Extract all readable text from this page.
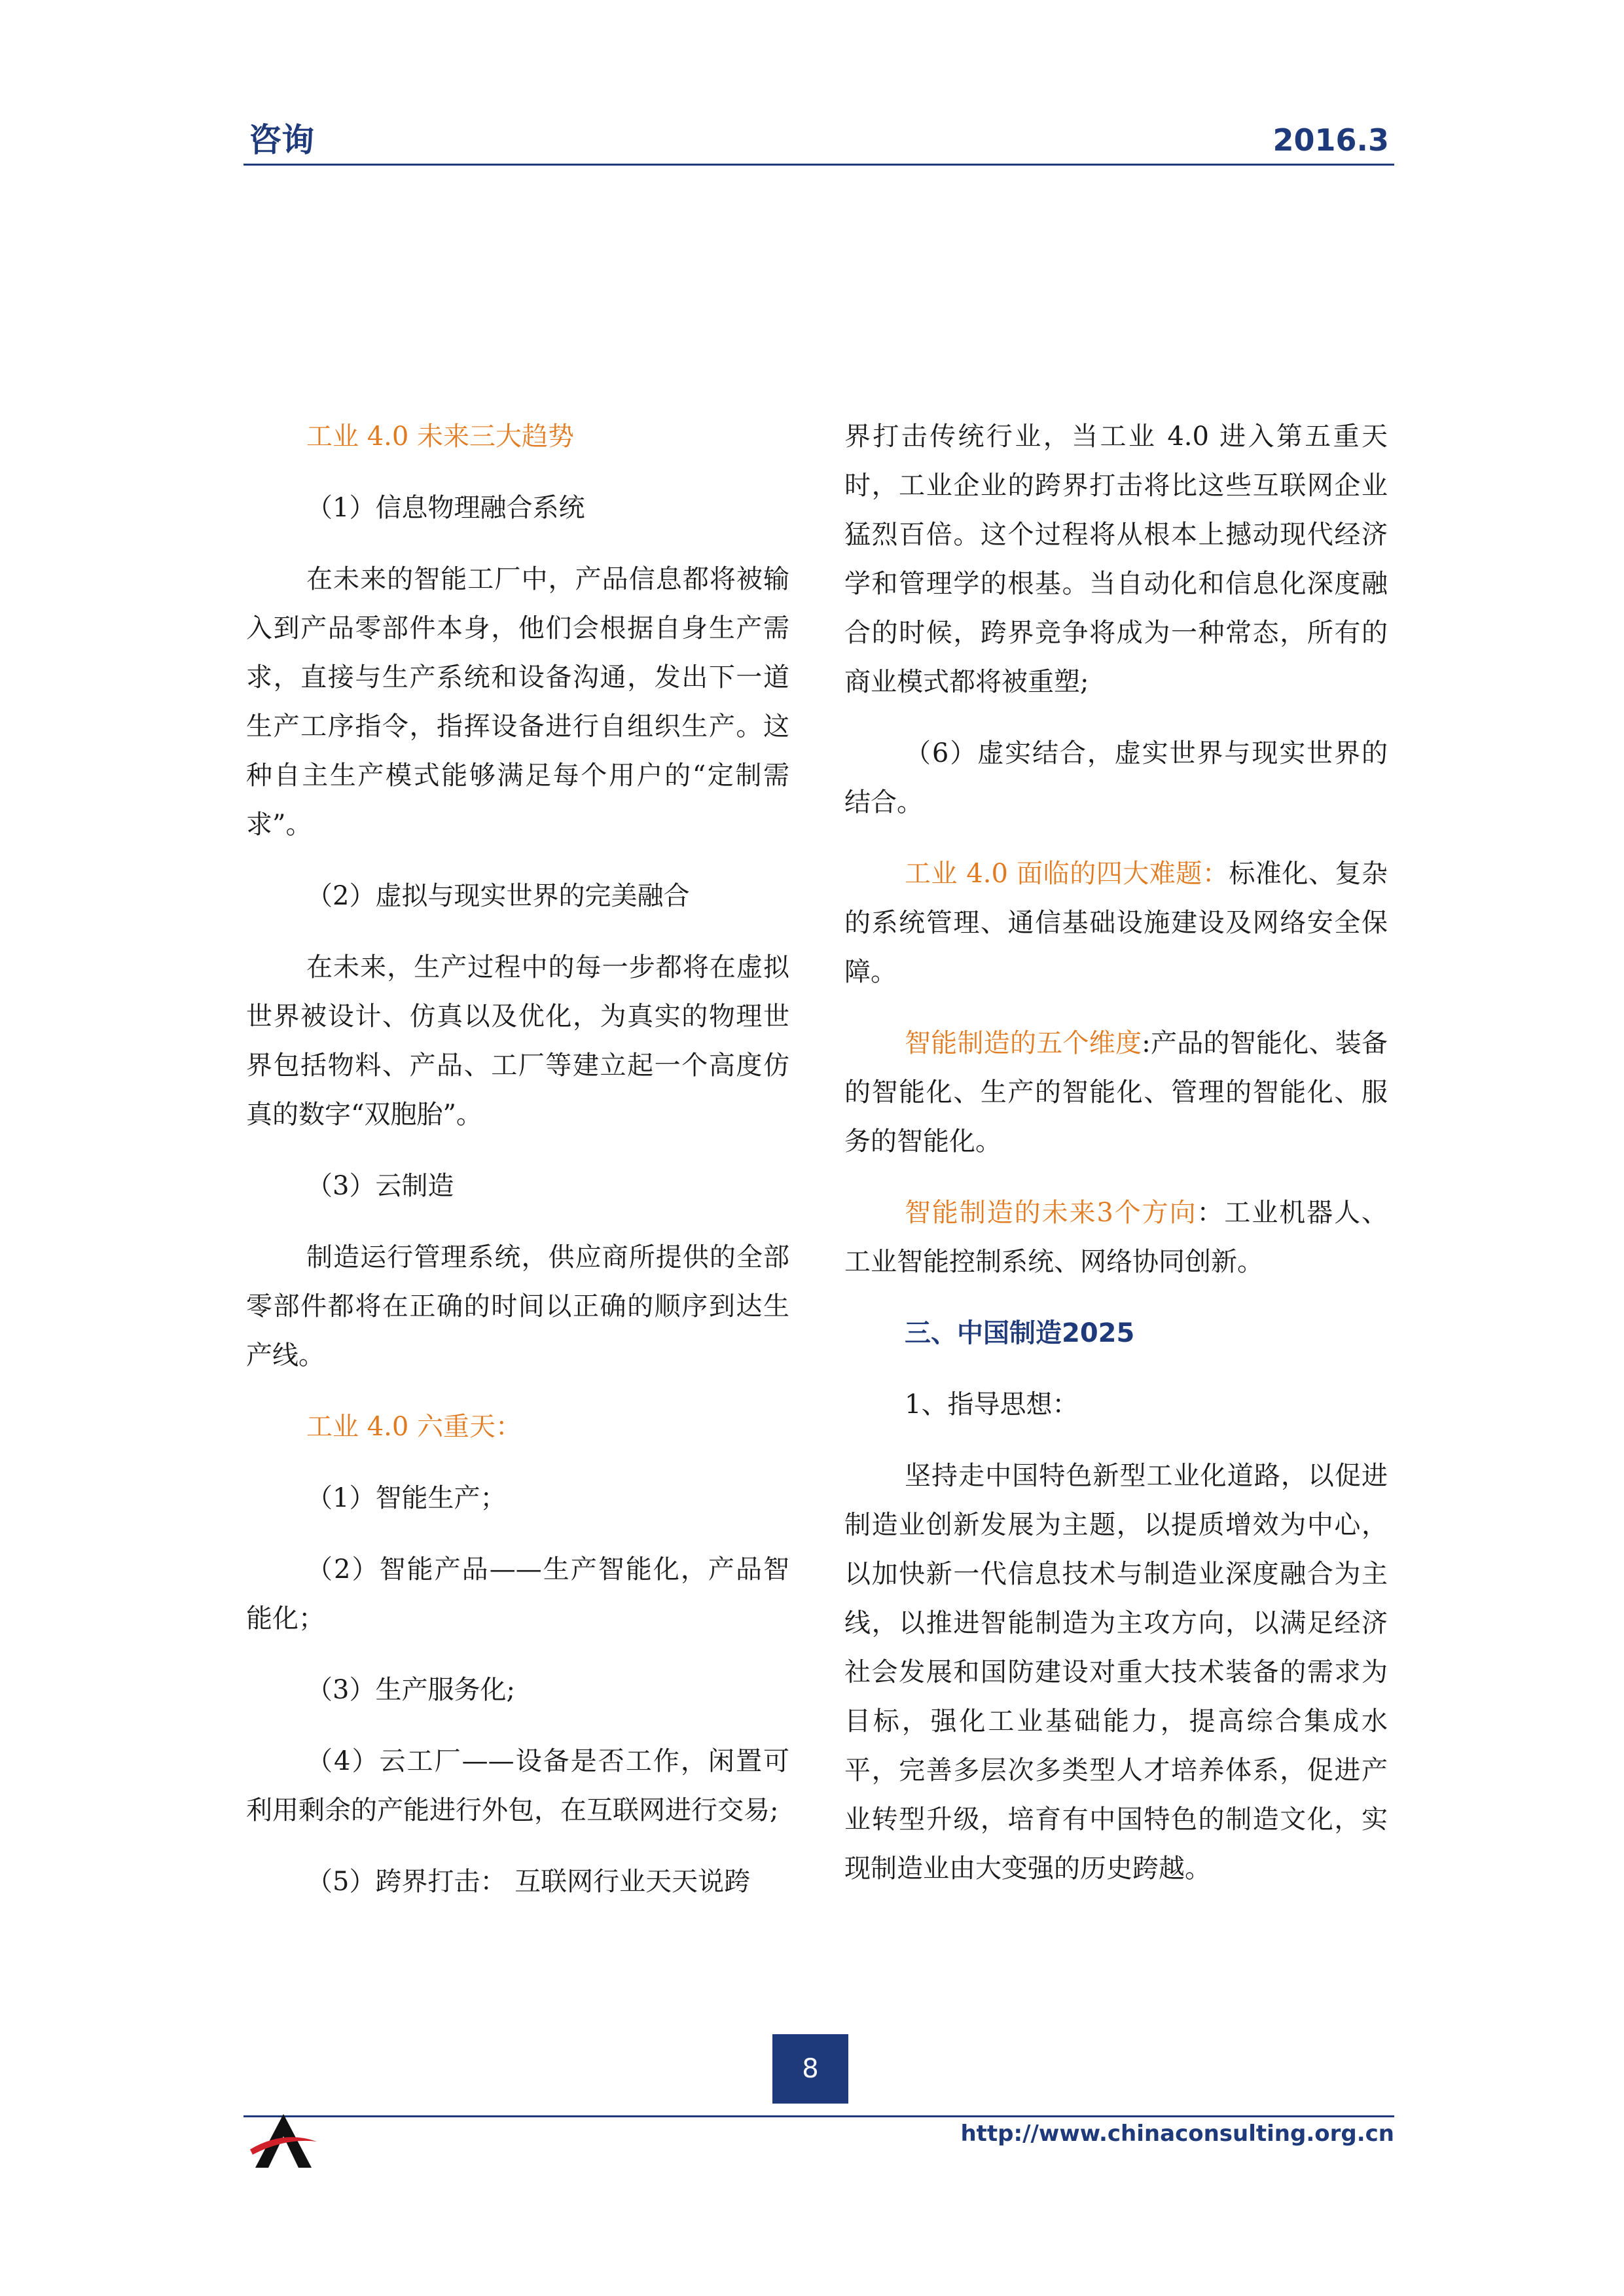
咨询	2016.3

工业 4.0 未来三大趋势

（1）信息物理融合系统

在未来的智能工厂中，产品信息都将被输入到产品零部件本身，他们会根据自身生产需求，直接与生产系统和设备沟通，发出下一道生产工序指令，指挥设备进行自组织生产。这种自主生产模式能够满足每个用户的“定制需求”。

（2）虚拟与现实世界的完美融合

在未来，生产过程中的每一步都将在虚拟世界被设计、仿真以及优化，为真实的物理世界包括物料、产品、工厂等建立起一个高度仿真的数字“双胞胎”。

（3）云制造

制造运行管理系统，供应商所提供的全部零部件都将在正确的时间以正确的顺序到达生产线。

工业 4.0 六重天：

（1）智能生产；

（2）智能产品——生产智能化，产品智能化；

（3）生产服务化;

（4）云工厂——设备是否工作，闲置可利用剩余的产能进行外包，在互联网进行交易;

（5）跨界打击： 互联网行业天天说跨

界打击传统行业，当工业 4.0 进入第五重天时，工业企业的跨界打击将比这些互联网企业猛烈百倍。这个过程将从根本上撼动现代经济学和管理学的根基。当自动化和信息化深度融合的时候，跨界竞争将成为一种常态，所有的商业模式都将被重塑;

（6）虚实结合，虚实世界与现实世界的结合。

工业 4.0 面临的四大难题：标准化、复杂的系统管理、通信基础设施建设及网络安全保障。

智能制造的五个维度:产品的智能化、装备的智能化、生产的智能化、管理的智能化、服务的智能化。

智能制造的未来3个方向：工业机器人、工业智能控制系统、网络协同创新。

三、中国制造2025

1、指导思想：

坚持走中国特色新型工业化道路，以促进制造业创新发展为主题，以提质增效为中心，以加快新一代信息技术与制造业深度融合为主线，以推进智能制造为主攻方向，以满足经济社会发展和国防建设对重大技术装备的需求为目标，强化工业基础能力，提高综合集成水平，完善多层次多类型人才培养体系，促进产业转型升级，培育有中国特色的制造文化，实现制造业由大变强的历史跨越。

8
http://www.chinaconsulting.org.cn
